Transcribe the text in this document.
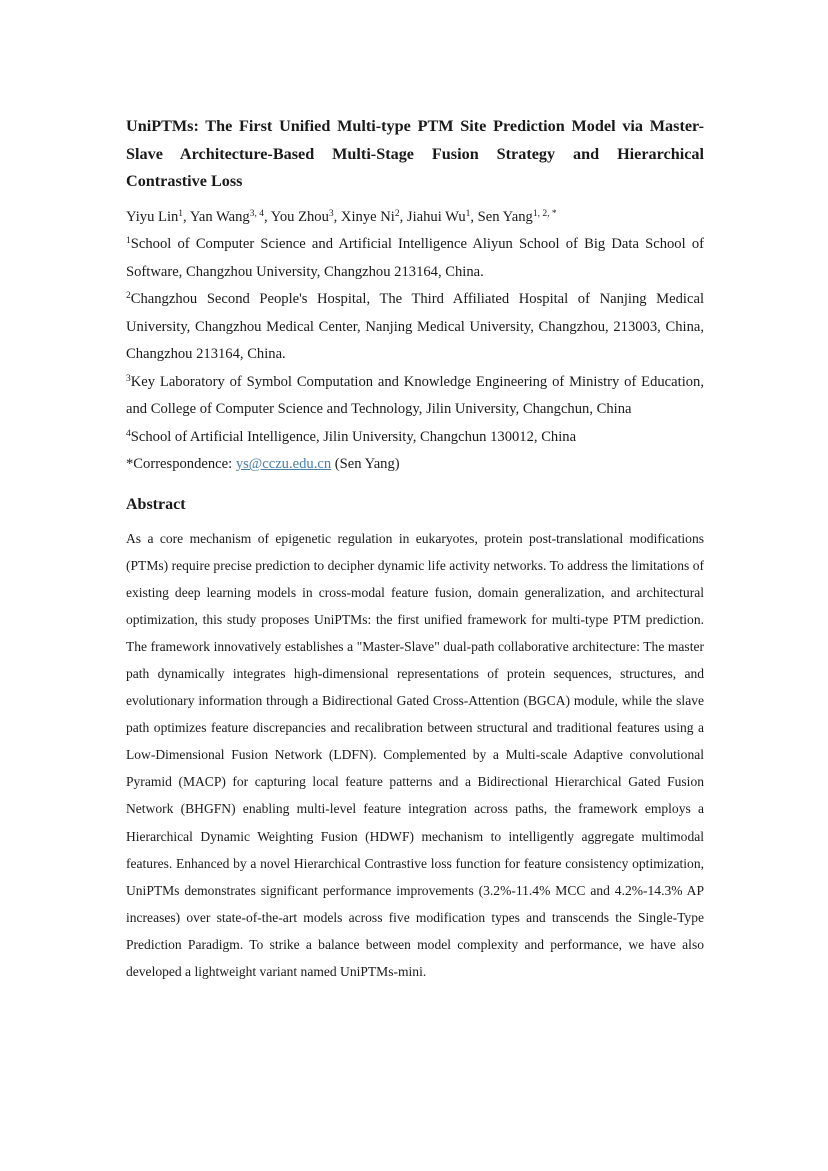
UniPTMs: The First Unified Multi-type PTM Site Prediction Model via Master-Slave Architecture-Based Multi-Stage Fusion Strategy and Hierarchical Contrastive Loss

Yiyu Lin$^1$, Yan Wang$^{3, 4}$, You Zhou$^3$, Xinye Ni$^2$, Jiahui Wu$^1$, Sen Yang$^{1, 2, *}$

$^1$School of Computer Science and Artificial Intelligence Aliyun School of Big Data School of Software, Changzhou University, Changzhou 213164, China.

$^2$Changzhou Second People's Hospital, The Third Affiliated Hospital of Nanjing Medical University, Changzhou Medical Center, Nanjing Medical University, Changzhou, 213003, China, Changzhou 213164, China.

$^3$Key Laboratory of Symbol Computation and Knowledge Engineering of Ministry of Education, and College of Computer Science and Technology, Jilin University, Changchun, China

$^4$School of Artificial Intelligence, Jilin University, Changchun 130012, China

*Correspondence: ys@cczu.edu.cn (Sen Yang)

Abstract

As a core mechanism of epigenetic regulation in eukaryotes, protein post-translational modifications (PTMs) require precise prediction to decipher dynamic life activity networks. To address the limitations of existing deep learning models in cross-modal feature fusion, domain generalization, and architectural optimization, this study proposes UniPTMs: the first unified framework for multi-type PTM prediction. The framework innovatively establishes a "Master-Slave" dual-path collaborative architecture: The master path dynamically integrates high-dimensional representations of protein sequences, structures, and evolutionary information through a Bidirectional Gated Cross-Attention (BGCA) module, while the slave path optimizes feature discrepancies and recalibration between structural and traditional features using a Low-Dimensional Fusion Network (LDFN). Complemented by a Multi-scale Adaptive convolutional Pyramid (MACP) for capturing local feature patterns and a Bidirectional Hierarchical Gated Fusion Network (BHGFN) enabling multi-level feature integration across paths, the framework employs a Hierarchical Dynamic Weighting Fusion (HDWF) mechanism to intelligently aggregate multimodal features. Enhanced by a novel Hierarchical Contrastive loss function for feature consistency optimization, UniPTMs demonstrates significant performance improvements (3.2%-11.4% MCC and 4.2%-14.3% AP increases) over state-of-the-art models across five modification types and transcends the Single-Type Prediction Paradigm. To strike a balance between model complexity and performance, we have also developed a lightweight variant named UniPTMs-mini.
